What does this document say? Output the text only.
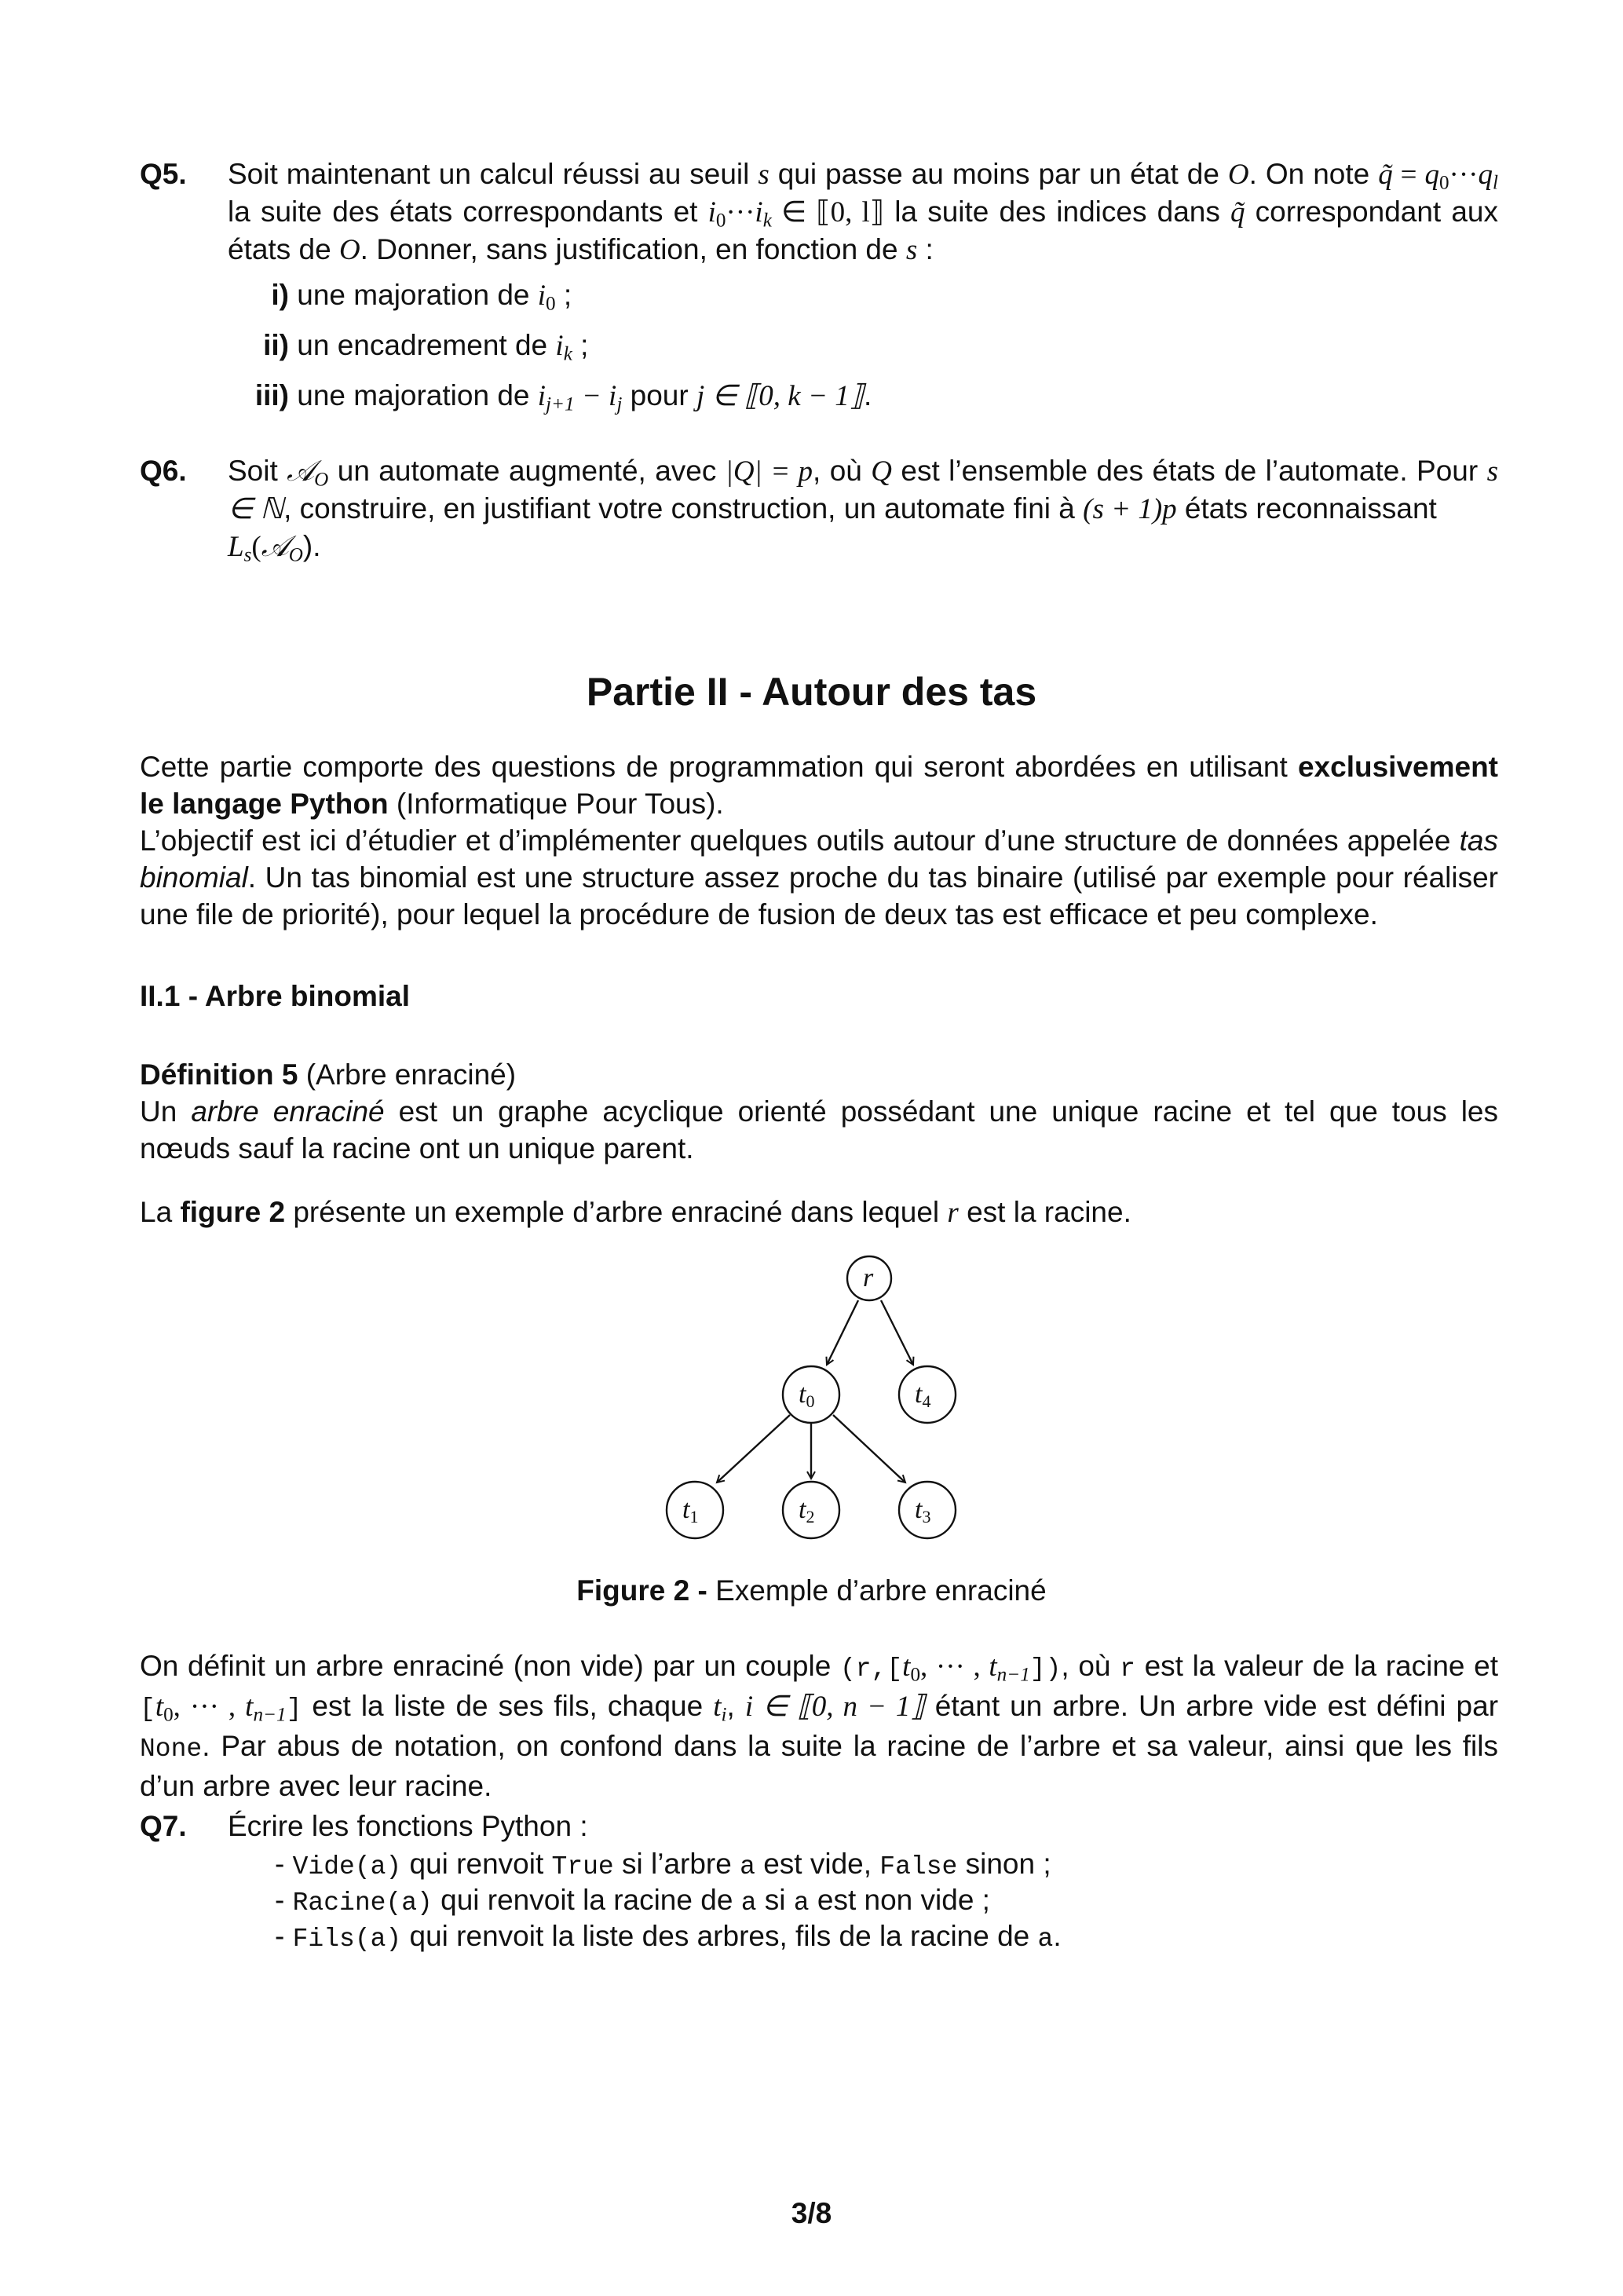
Q5. Soit maintenant un calcul réussi au seuil s qui passe au moins par un état de O. On note q̃ = $q_0\cdot\cdot\cdot q_l$ la suite des états correspondants et $i_0\cdot\cdot\cdot i_k$ ∈ ⟦0, l⟧ la suite des indices dans q̃ correspondant aux états de O. Donner, sans justification, en fonction de s :
i) une majoration de $i_0$ ;
ii) un encadrement de $i_k$ ;
iii) une majoration de $i_{j+1} - i_j$ pour j ∈ ⟦0, k − 1⟧.
Q6. Soit 𝒜$_O$ un automate augmenté, avec |Q| = p, où Q est l’ensemble des états de l’automate. Pour s ∈ ℕ, construire, en justifiant votre construction, un automate fini à (s + 1)p états reconnaissant
$L_s(𝒜_O)$.
Partie II - Autour des tas
Cette partie comporte des questions de programmation qui seront abordées en utilisant exclusivement le langage Python (Informatique Pour Tous).
L’objectif est ici d’étudier et d’implémenter quelques outils autour d’une structure de données appelée tas binomial. Un tas binomial est une structure assez proche du tas binaire (utilisé par exemple pour réaliser une file de priorité), pour lequel la procédure de fusion de deux tas est efficace et peu complexe.
II.1 - Arbre binomial
Définition 5 (Arbre enraciné)
Un arbre enraciné est un graphe acyclique orienté possédant une unique racine et tel que tous les nœuds sauf la racine ont un unique parent.
La figure 2 présente un exemple d’arbre enraciné dans lequel r est la racine.
r
t0	t4
t1	t2	t3
Figure 2 - Exemple d’arbre enraciné
On définit un arbre enraciné (non vide) par un couple ($r,[t_0$, ··· , $t_{n-1}$]), où r est la valeur de la racine et [$t_0$, ··· , $t_{n-1}$] est la liste de ses fils, chaque $t_i$, i ∈ ⟦0, n − 1⟧ étant un arbre. Un arbre vide est défini par None. Par abus de notation, on confond dans la suite la racine de l’arbre et sa valeur, ainsi que les fils d’un arbre avec leur racine.
Q7. Écrire les fonctions Python :
- Vide(a) qui renvoit True si l’arbre a est vide, False sinon ;
- Racine(a) qui renvoit la racine de a si a est non vide ;
- Fils(a) qui renvoit la liste des arbres, fils de la racine de a.
3/8
